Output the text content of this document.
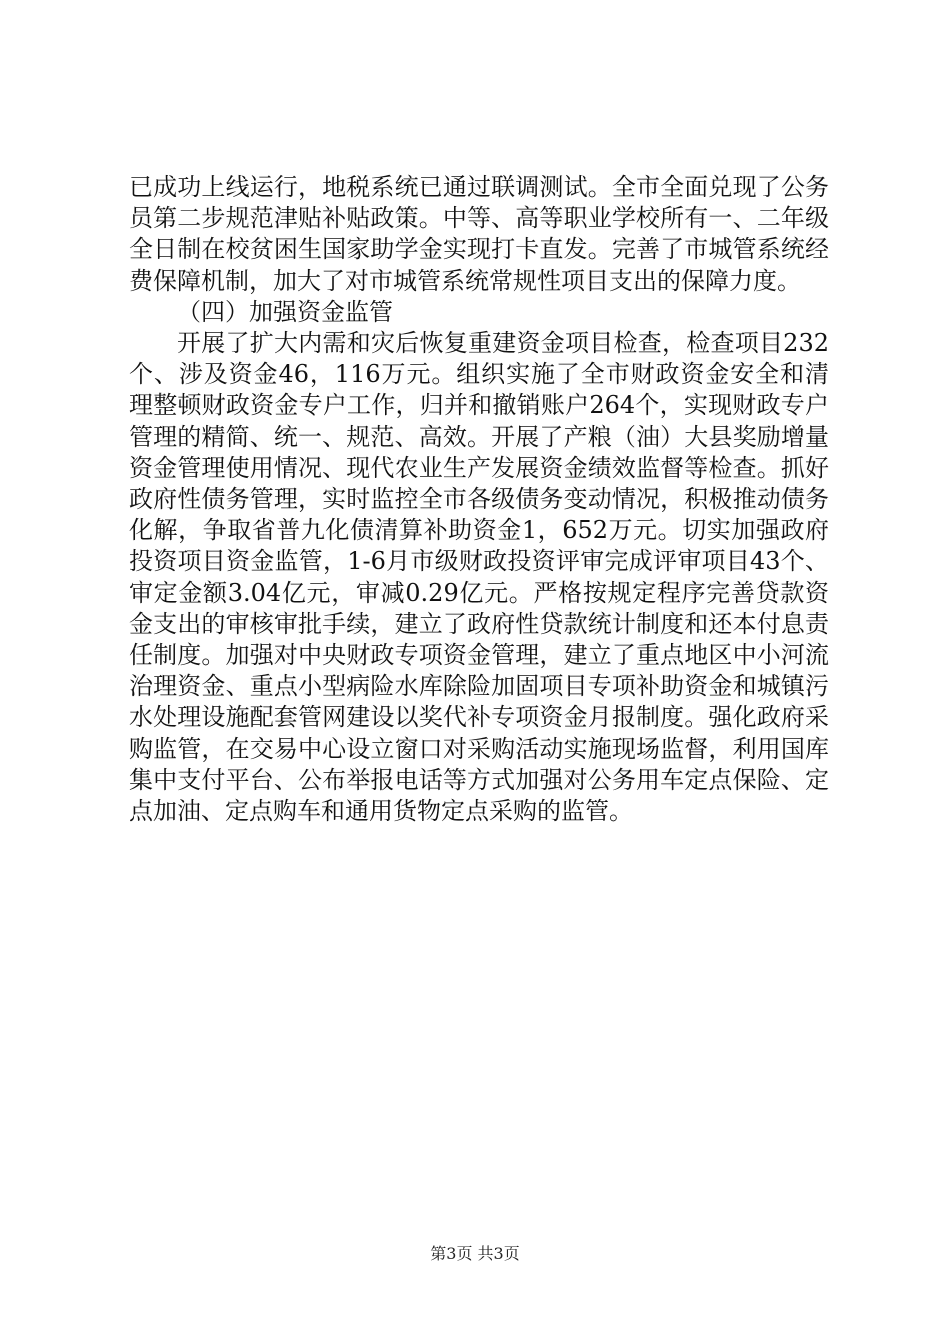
已成功上线运行，地税系统已通过联调测试。全市全面兑现了公务员第二步规范津贴补贴政策。中等、高等职业学校所有一、二年级全日制在校贫困生国家助学金实现打卡直发。完善了市城管系统经费保障机制，加大了对市城管系统常规性项目支出的保障力度。

（四）加强资金监管

开展了扩大内需和灾后恢复重建资金项目检查，检查项目232个、涉及资金46，116万元。组织实施了全市财政资金安全和清理整顿财政资金专户工作，归并和撤销账户264个，实现财政专户管理的精简、统一、规范、高效。开展了产粮（油）大县奖励增量资金管理使用情况、现代农业生产发展资金绩效监督等检查。抓好政府性债务管理，实时监控全市各级债务变动情况，积极推动债务化解，争取省普九化债清算补助资金1，652万元。切实加强政府投资项目资金监管，1-6月市级财政投资评审完成评审项目43个、审定金额3.04亿元，审减0.29亿元。严格按规定程序完善贷款资金支出的审核审批手续，建立了政府性贷款统计制度和还本付息责任制度。加强对中央财政专项资金管理，建立了重点地区中小河流治理资金、重点小型病险水库除险加固项目专项补助资金和城镇污水处理设施配套管网建设以奖代补专项资金月报制度。强化政府采购监管，在交易中心设立窗口对采购活动实施现场监督，利用国库集中支付平台、公布举报电话等方式加强对公务用车定点保险、定点加油、定点购车和通用货物定点采购的监管。

第3页 共3页
